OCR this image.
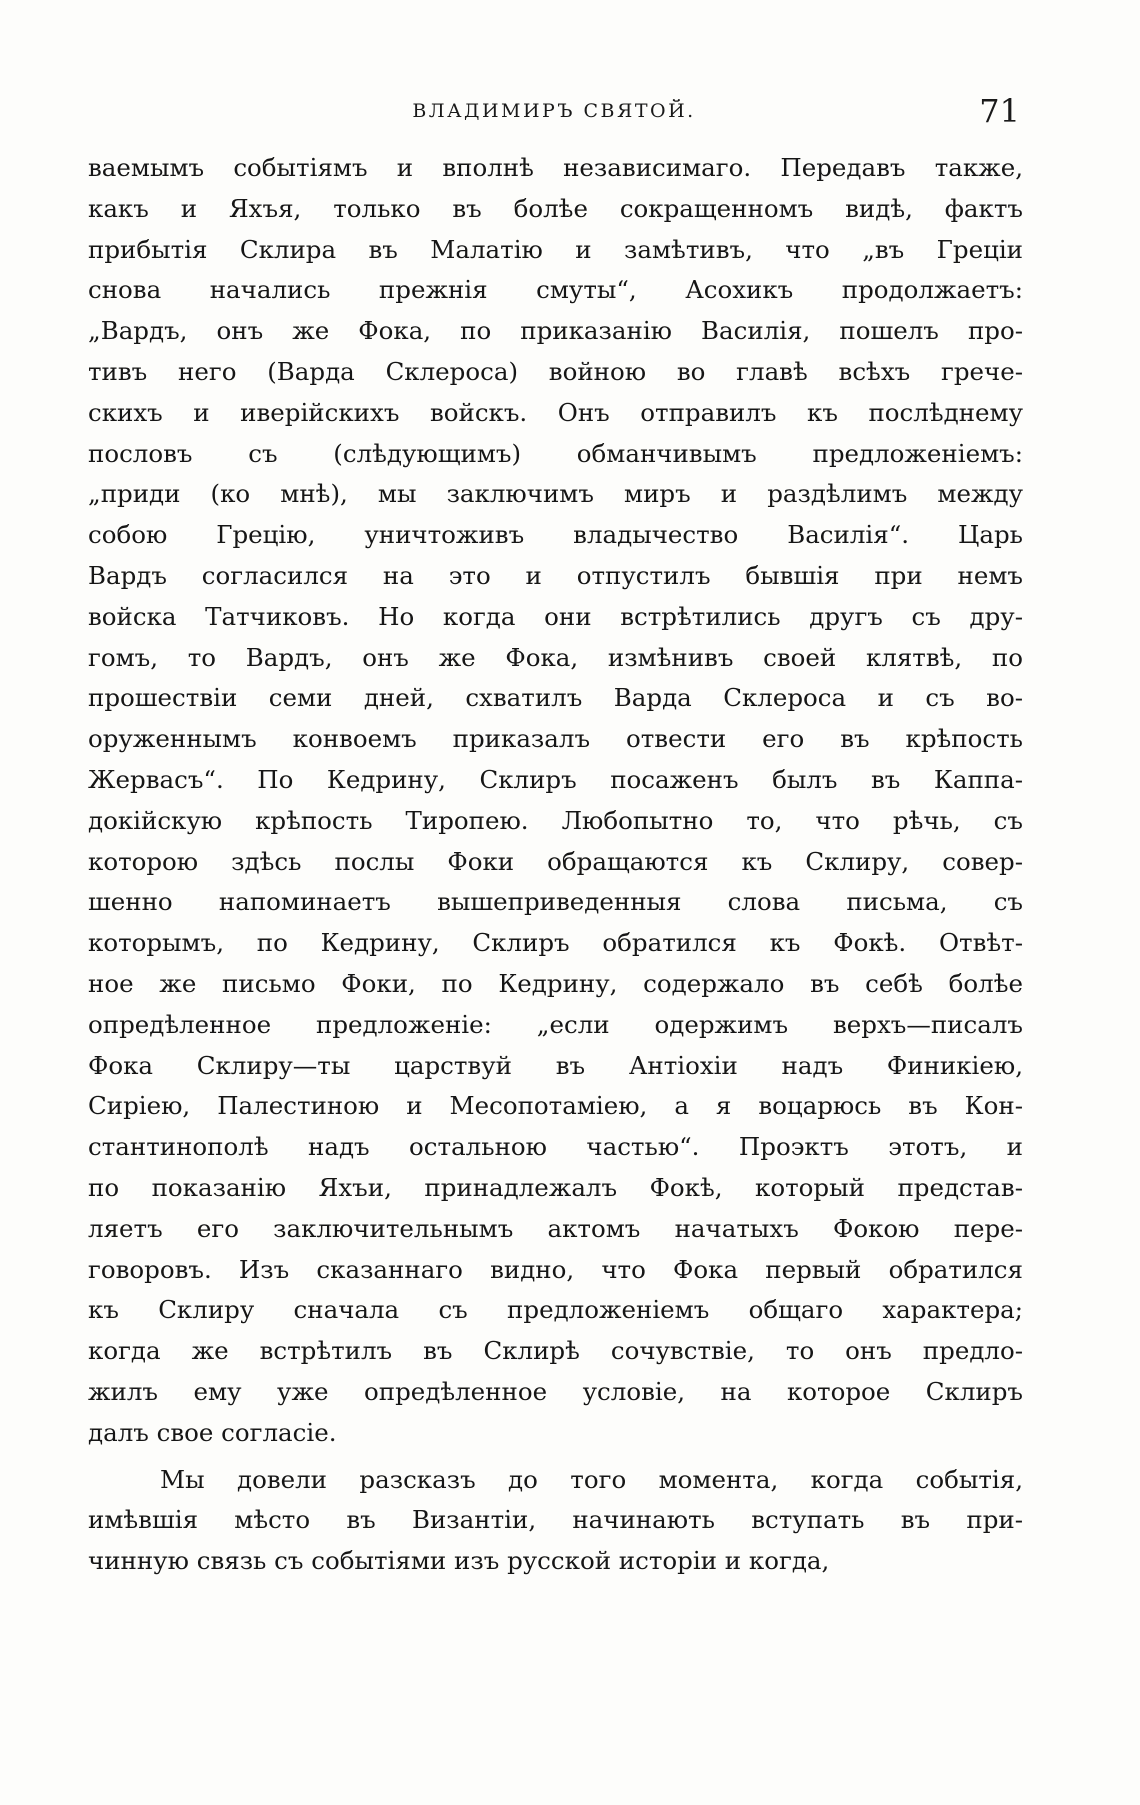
ВЛАДИМИРЪ СВЯТОЙ.	71
ваемымъ событіямъ и вполнѣ независимаго. Передавъ также,
какъ и Яхъя, только въ болѣе сокращенномъ видѣ, фактъ
прибытія Склира въ Малатію и замѣтивъ, что „въ Греціи
снова начались прежнія смуты“, Асохикъ продолжаетъ:
„Вардъ, онъ же Фока, по приказанію Василія, пошелъ про-
тивъ него (Варда Склероса) войною во главѣ всѣхъ грече-
скихъ и иверійскихъ войскъ. Онъ отправилъ къ послѣднему
пословъ съ (слѣдующимъ) обманчивымъ предложеніемъ:
„приди (ко мнѣ), мы заключимъ миръ и раздѣлимъ между
собою Грецію, уничтоживъ владычество Василія“. Царь
Вардъ согласился на это и отпустилъ бывшія при немъ
войска Татчиковъ. Но когда они встрѣтились другъ съ дру-
гомъ, то Вардъ, онъ же Фока, измѣнивъ своей клятвѣ, по
прошествіи семи дней, схватилъ Варда Склероса и съ во-
оруженнымъ конвоемъ приказалъ отвести его въ крѣпость
Жервасъ“. По Кедрину, Склиръ посаженъ былъ въ Каппа-
докійскую крѣпость Тиропею. Любопытно то, что рѣчь, съ
которою здѣсь послы Фоки обращаются къ Склиру, совер-
шенно напоминаетъ вышеприведенныя слова письма, съ
которымъ, по Кедрину, Склиръ обратился къ Фокѣ. Отвѣт-
ное же письмо Фоки, по Кедрину, содержало въ себѣ болѣе
опредѣленное предложеніе: „если одержимъ верхъ—писалъ
Фока Склиру—ты царствуй въ Антіохіи надъ Финикіею,
Сиріею, Палестиною и Месопотаміею, а я воцарюсь въ Кон-
стантинополѣ надъ остальною частью“. Проэктъ этотъ, и
по показанію Яхъи, принадлежалъ Фокѣ, который представ-
ляетъ его заключительнымъ актомъ начатыхъ Фокою пере-
говоровъ. Изъ сказаннаго видно, что Фока первый обратился
къ Склиру сначала съ предложеніемъ общаго характера;
когда же встрѣтилъ въ Склирѣ сочувствіе, то онъ предло-
жилъ ему уже опредѣленное условіе, на которое Склиръ
далъ свое согласіе.
Мы довели разсказъ до того момента, когда событія,
имѣвшія мѣсто въ Византіи, начинають вступать въ при-
чинную связь съ событіями изъ русской исторіи и когда,
